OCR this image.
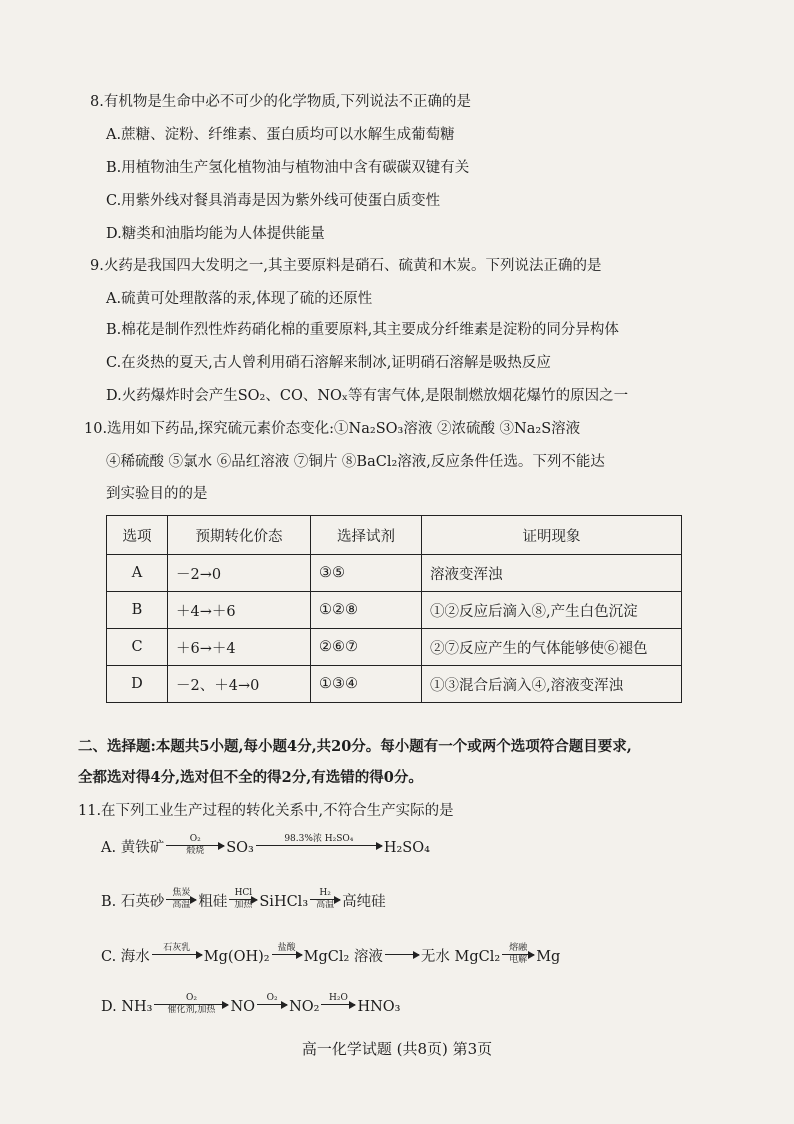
8.有机物是生命中必不可少的化学物质,下列说法不正确的是
A.蔗糖、淀粉、纤维素、蛋白质均可以水解生成葡萄糖
B.用植物油生产氢化植物油与植物油中含有碳碳双键有关
C.用紫外线对餐具消毒是因为紫外线可使蛋白质变性
D.糖类和油脂均能为人体提供能量
9.火药是我国四大发明之一,其主要原料是硝石、硫黄和木炭。下列说法正确的是
A.硫黄可处理散落的汞,体现了硫的还原性
B.棉花是制作烈性炸药硝化棉的重要原料,其主要成分纤维素是淀粉的同分异构体
C.在炎热的夏天,古人曾利用硝石溶解来制冰,证明硝石溶解是吸热反应
D.火药爆炸时会产生SO₂、CO、NOₓ等有害气体,是限制燃放烟花爆竹的原因之一
10.选用如下药品,探究硫元素价态变化:①Na₂SO₃溶液 ②浓硫酸 ③Na₂S溶液
④稀硫酸 ⑤氯水 ⑥品红溶液 ⑦铜片 ⑧BaCl₂溶液,反应条件任选。下列不能达
到实验目的的是
选项	预期转化价态	选择试剂	证明现象
A	－2→0	③⑤	溶液变浑浊
B	＋4→＋6	①②⑧	①②反应后滴入⑧,产生白色沉淀
C	＋6→＋4	②⑥⑦	②⑦反应产生的气体能够使⑥褪色
D	－2、＋4→0	①③④	①③混合后滴入④,溶液变浑浊
二、选择题:本题共5小题,每小题4分,共20分。每小题有一个或两个选项符合题目要求,
全都选对得4分,选对但不全的得2分,有选错的得0分。
11.在下列工业生产过程的转化关系中,不符合生产实际的是
A. 黄铁矿
O₂
煅烧 SO₃
98.3%浓 H₂SO₄
H₂SO₄
B. 石英砂
焦炭
高温 粗硅
HCl
加热 SiHCl₃
H₂
高温 高纯硅
C. 海水
石灰乳
Mg(OH)₂
盐酸
MgCl₂ 溶液 → 无水 MgCl₂
熔融
电解 Mg
D. NH₃
O₂
催化剂,加热 NO
O₂
NO₂
H₂O
HNO₃
高一化学试题 (共8页) 第3页
